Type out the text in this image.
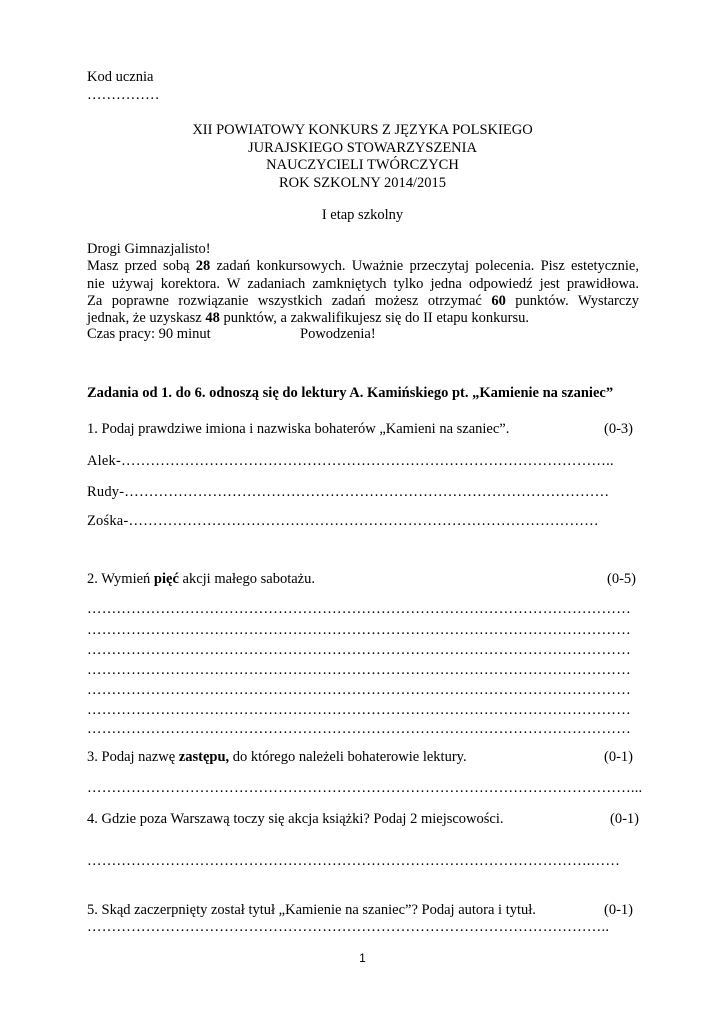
Kod ucznia
……………
XII POWIATOWY KONKURS Z JĘZYKA POLSKIEGO
JURAJSKIEGO STOWARZYSZENIA
NAUCZYCIELI TWÓRCZYCH
ROK SZKOLNY 2014/2015
I etap szkolny
Drogi Gimnazjalisto!
Masz przed sobą 28 zadań konkursowych. Uważnie przeczytaj polecenia. Pisz estetycznie,
nie używaj korektora. W zadaniach zamkniętych tylko jedna odpowiedź jest prawidłowa.
Za poprawne rozwiązanie wszystkich zadań możesz otrzymać 60 punktów. Wystarczy
jednak, że uzyskasz 48 punktów, a zakwalifikujesz się do II etapu konkursu.
Czas pracy: 90 minut	Powodzenia!
Zadania od 1. do 6. odnoszą się do lektury A. Kamińskiego pt. „Kamienie na szaniec”
1. Podaj prawdziwe imiona i nazwiska bohaterów „Kamieni na szaniec”.	(0-3)
Alek-………………………………………………………………………………………..
Rudy-………………………………………………………………………………………
Zośka-……………………………………………………………………………………
2. Wymień pięć akcji małego sabotażu.	(0-5)
…………………………………………………………………………………………………
…………………………………………………………………………………………………
…………………………………………………………………………………………………
…………………………………………………………………………………………………
…………………………………………………………………………………………………
…………………………………………………………………………………………………
…………………………………………………………………………………………………
3. Podaj nazwę zastępu, do którego należeli bohaterowie lektury.	(0-1)
…………………………………………………………………………………………………...
4. Gdzie poza Warszawą toczy się akcja książki? Podaj 2 miejscowości.	(0-1)
………………………………………………………………………………………….……
5. Skąd zaczerpnięty został tytuł „Kamienie na szaniec”? Podaj autora i tytuł.	(0-1)
……………………………………………………………………………………………..
1
